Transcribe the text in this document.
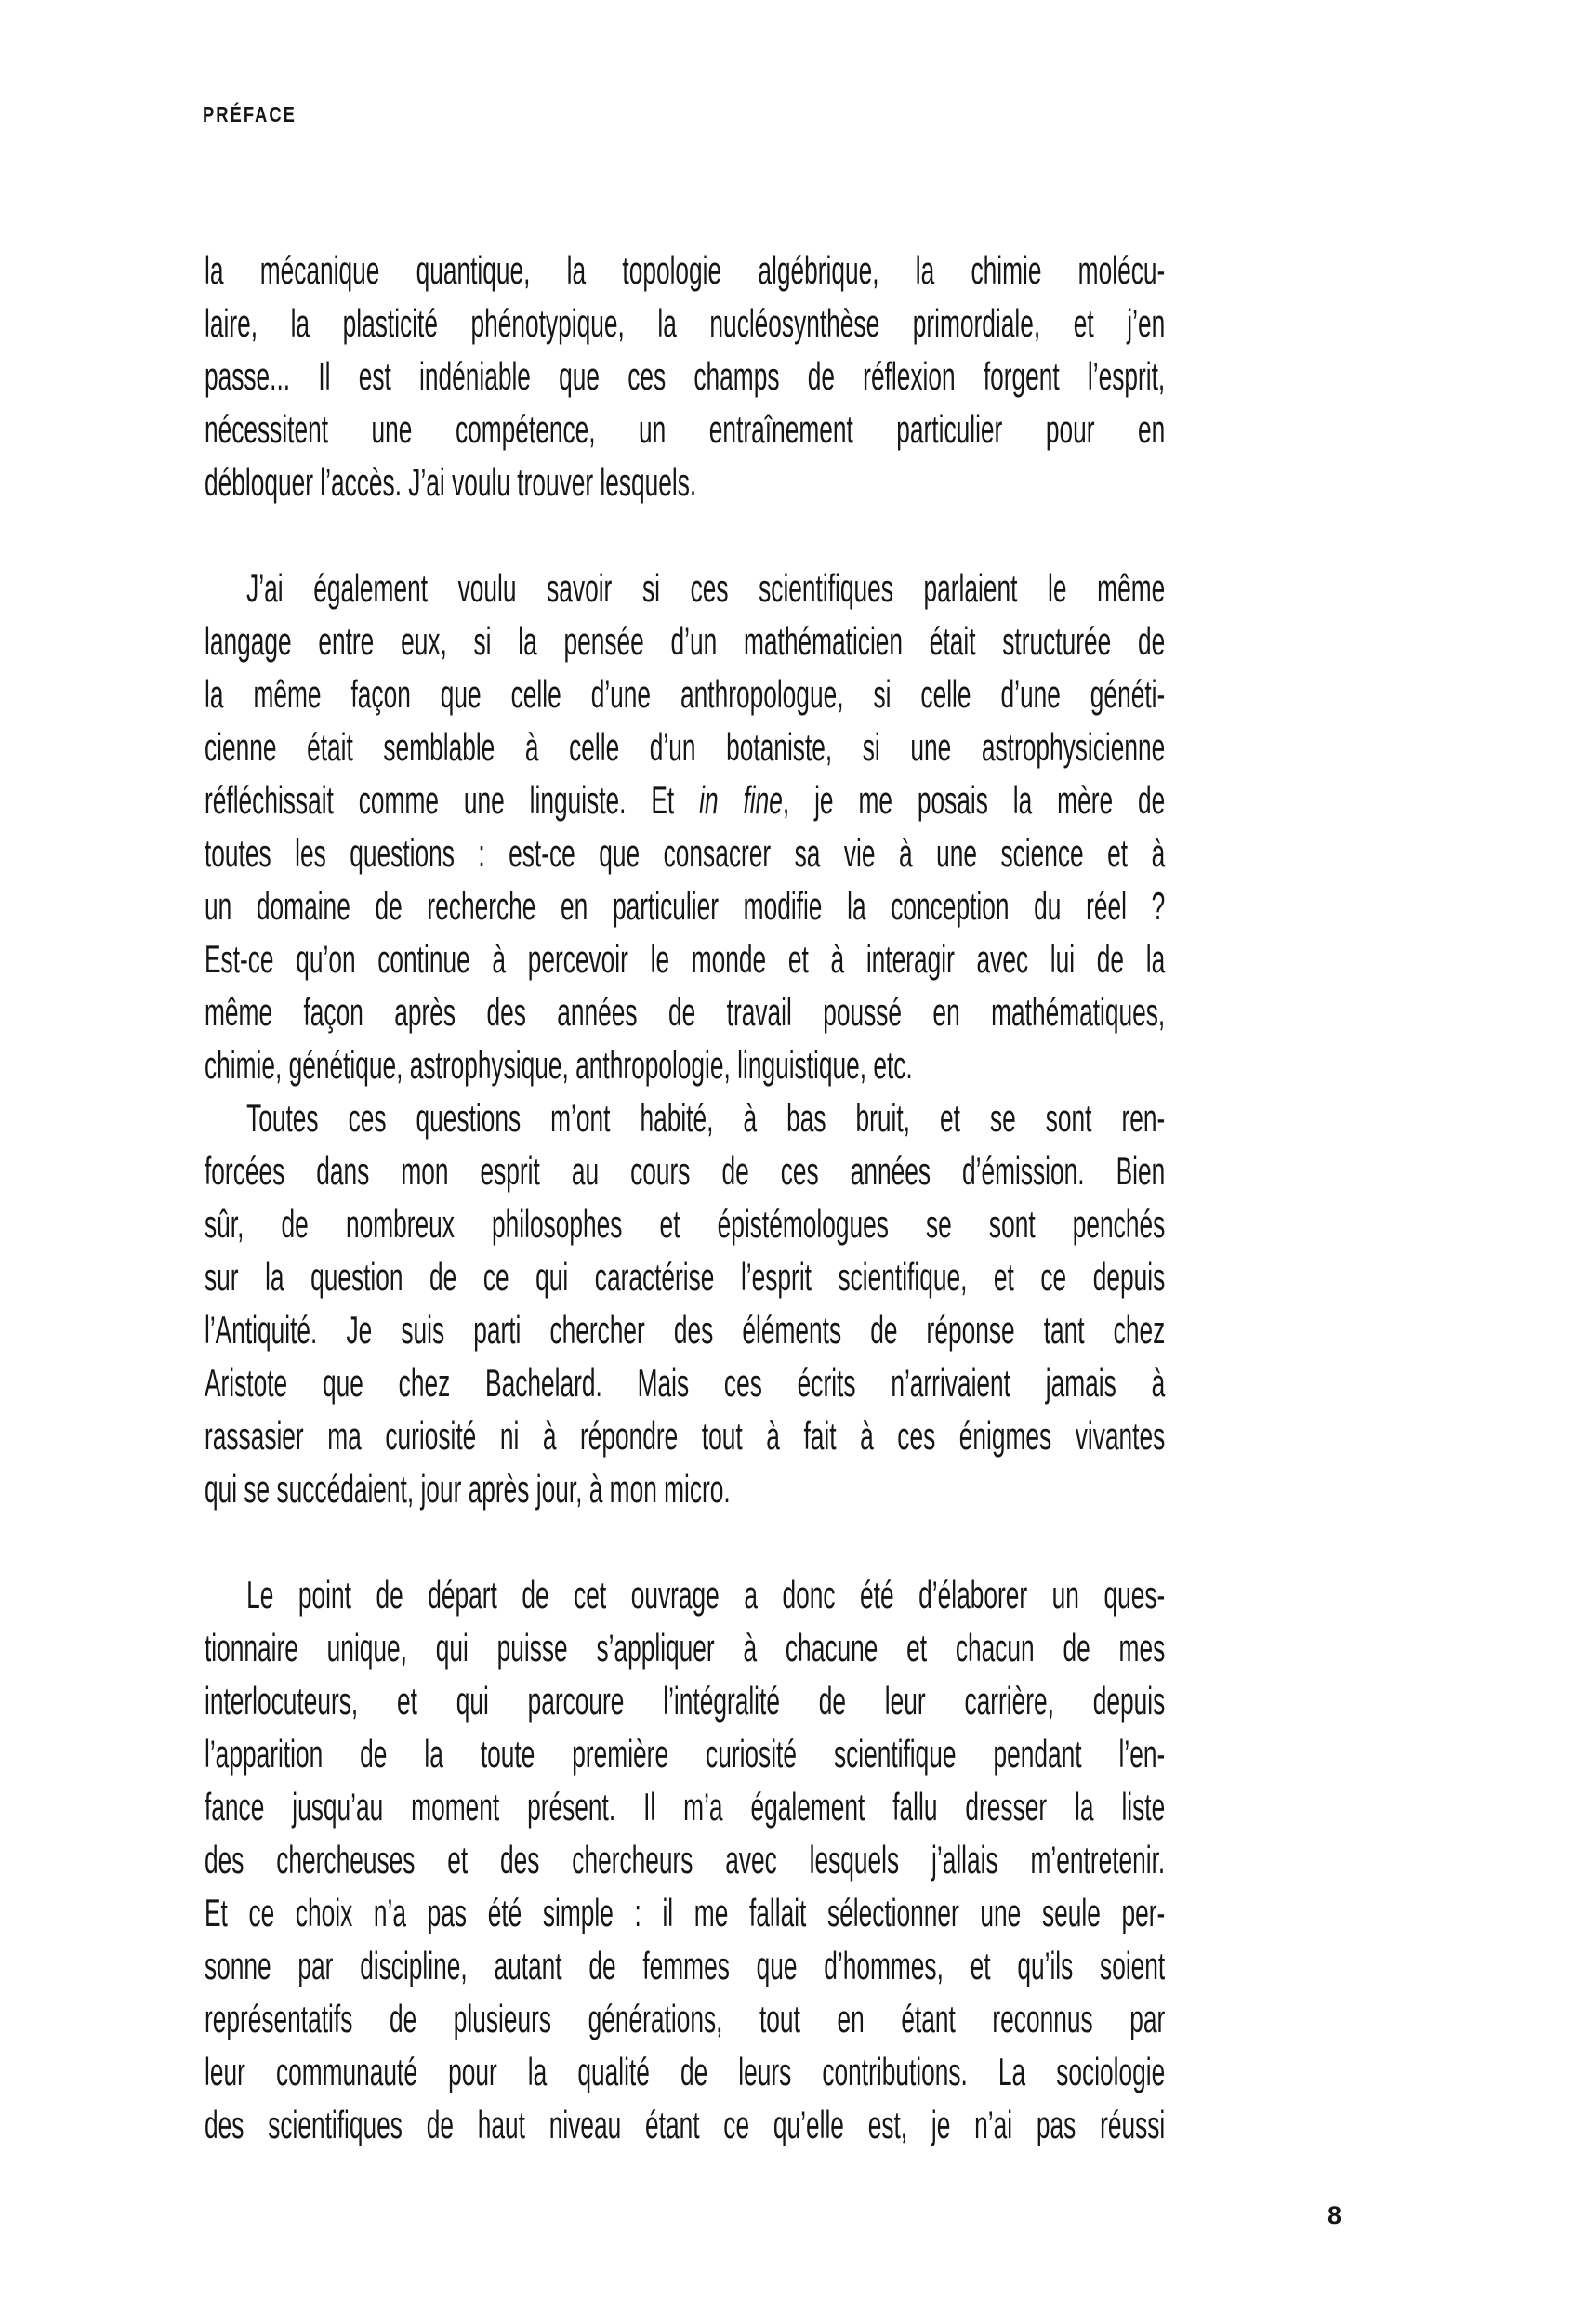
PRÉFACE
la mécanique quantique, la topologie algébrique, la chimie molécu-
laire, la plasticité phénotypique, la nucléosynthèse primordiale, et j’en
passe... Il est indéniable que ces champs de réflexion forgent l’esprit,
nécessitent une compétence, un entraînement particulier pour en
débloquer l’accès. J’ai voulu trouver lesquels.
J’ai également voulu savoir si ces scientifiques parlaient le même
langage entre eux, si la pensée d’un mathématicien était structurée de
la même façon que celle d’une anthropologue, si celle d’une généti-
cienne était semblable à celle d’un botaniste, si une astrophysicienne
réfléchissait comme une linguiste. Et in fine, je me posais la mère de
toutes les questions : est-ce que consacrer sa vie à une science et à
un domaine de recherche en particulier modifie la conception du réel ?
Est-ce qu’on continue à percevoir le monde et à interagir avec lui de la
même façon après des années de travail poussé en mathématiques,
chimie, génétique, astrophysique, anthropologie, linguistique, etc.
Toutes ces questions m’ont habité, à bas bruit, et se sont ren-
forcées dans mon esprit au cours de ces années d’émission. Bien
sûr, de nombreux philosophes et épistémologues se sont penchés
sur la question de ce qui caractérise l’esprit scientifique, et ce depuis
l’Antiquité. Je suis parti chercher des éléments de réponse tant chez
Aristote que chez Bachelard. Mais ces écrits n’arrivaient jamais à
rassasier ma curiosité ni à répondre tout à fait à ces énigmes vivantes
qui se succédaient, jour après jour, à mon micro.
Le point de départ de cet ouvrage a donc été d’élaborer un ques-
tionnaire unique, qui puisse s’appliquer à chacune et chacun de mes
interlocuteurs, et qui parcoure l’intégralité de leur carrière, depuis
l’apparition de la toute première curiosité scientifique pendant l’en-
fance jusqu’au moment présent. Il m’a également fallu dresser la liste
des chercheuses et des chercheurs avec lesquels j’allais m’entretenir.
Et ce choix n’a pas été simple : il me fallait sélectionner une seule per-
sonne par discipline, autant de femmes que d’hommes, et qu’ils soient
représentatifs de plusieurs générations, tout en étant reconnus par
leur communauté pour la qualité de leurs contributions. La sociologie
des scientifiques de haut niveau étant ce qu’elle est, je n’ai pas réussi
8
